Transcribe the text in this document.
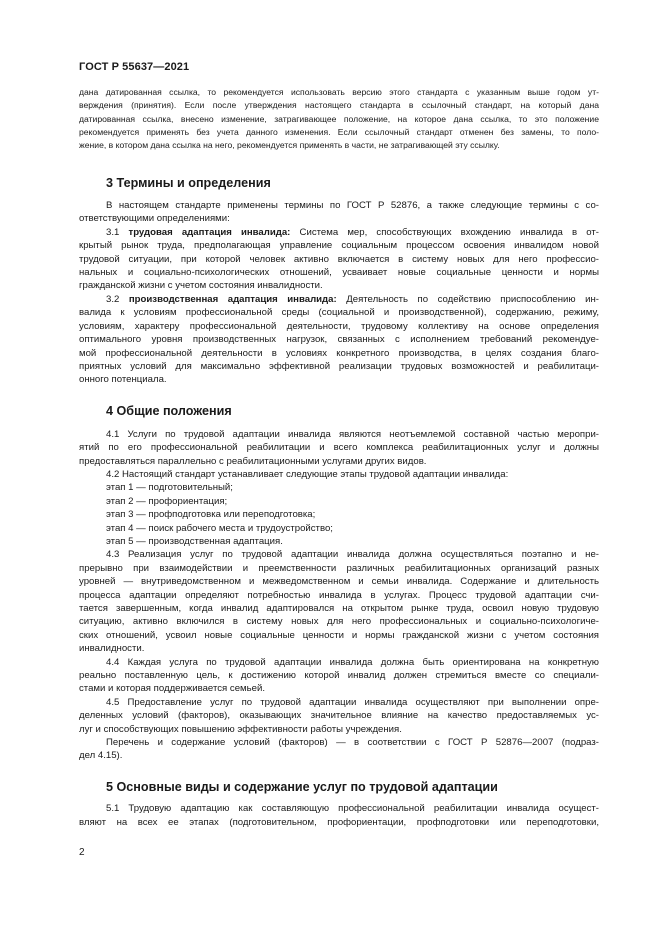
ГОСТ Р 55637—2021
дана датированная ссылка, то рекомендуется использовать версию этого стандарта с указанным выше годом ут-
верждения (принятия). Если после утверждения настоящего стандарта в ссылочный стандарт, на который дана
датированная ссылка, внесено изменение, затрагивающее положение, на которое дана ссылка, то это положение
рекомендуется применять без учета данного изменения. Если ссылочный стандарт отменен без замены, то поло-
жение, в котором дана ссылка на него, рекомендуется применять в части, не затрагивающей эту ссылку.
3 Термины и определения
В настоящем стандарте применены термины по ГОСТ Р 52876, а также следующие термины с со-
ответствующими определениями:
3.1 трудовая адаптация инвалида: Система мер, способствующих вхождению инвалида в от-
крытый рынок труда, предполагающая управление социальным процессом освоения инвалидом новой
трудовой ситуации, при которой человек активно включается в систему новых для него профессио-
нальных и социально-психологических отношений, усваивает новые социальные ценности и нормы
гражданской жизни с учетом состояния инвалидности.
3.2 производственная адаптация инвалида: Деятельность по содействию приспособлению ин-
валида к условиям профессиональной среды (социальной и производственной), содержанию, режиму,
условиям, характеру профессиональной деятельности, трудовому коллективу на основе определения
оптимального уровня производственных нагрузок, связанных с исполнением требований рекомендуе-
мой профессиональной деятельности в условиях конкретного производства, в целях создания благо-
приятных условий для максимально эффективной реализации трудовых возможностей и реабилитаци-
онного потенциала.
4 Общие положения
4.1 Услуги по трудовой адаптации инвалида являются неотъемлемой составной частью меропри-
ятий по его профессиональной реабилитации и всего комплекса реабилитационных услуг и должны
предоставляться параллельно с реабилитационными услугами других видов.
4.2 Настоящий стандарт устанавливает следующие этапы трудовой адаптации инвалида:
этап 1 — подготовительный;
этап 2 — профориентация;
этап 3 — профподготовка или переподготовка;
этап 4 — поиск рабочего места и трудоустройство;
этап 5 — производственная адаптация.
4.3 Реализация услуг по трудовой адаптации инвалида должна осуществляться поэтапно и не-
прерывно при взаимодействии и преемственности различных реабилитационных организаций разных
уровней — внутриведомственном и межведомственном и семьи инвалида. Содержание и длительность
процесса адаптации определяют потребностью инвалида в услугах. Процесс трудовой адаптации счи-
тается завершенным, когда инвалид адаптировался на открытом рынке труда, освоил новую трудовую
ситуацию, активно включился в систему новых для него профессиональных и социально-психологиче-
ских отношений, усвоил новые социальные ценности и нормы гражданской жизни с учетом состояния
инвалидности.
4.4 Каждая услуга по трудовой адаптации инвалида должна быть ориентирована на конкретную
реально поставленную цель, к достижению которой инвалид должен стремиться вместе со специали-
стами и которая поддерживается семьей.
4.5 Предоставление услуг по трудовой адаптации инвалида осуществляют при выполнении опре-
деленных условий (факторов), оказывающих значительное влияние на качество предоставляемых ус-
луг и способствующих повышению эффективности работы учреждения.
Перечень и содержание условий (факторов) — в соответствии с ГОСТ Р 52876—2007 (подраз-
дел 4.15).
5 Основные виды и содержание услуг по трудовой адаптации
5.1 Трудовую адаптацию как составляющую профессиональной реабилитации инвалида осущест-
вляют на всех ее этапах (подготовительном, профориентации, профподготовки или переподготовки,
2
